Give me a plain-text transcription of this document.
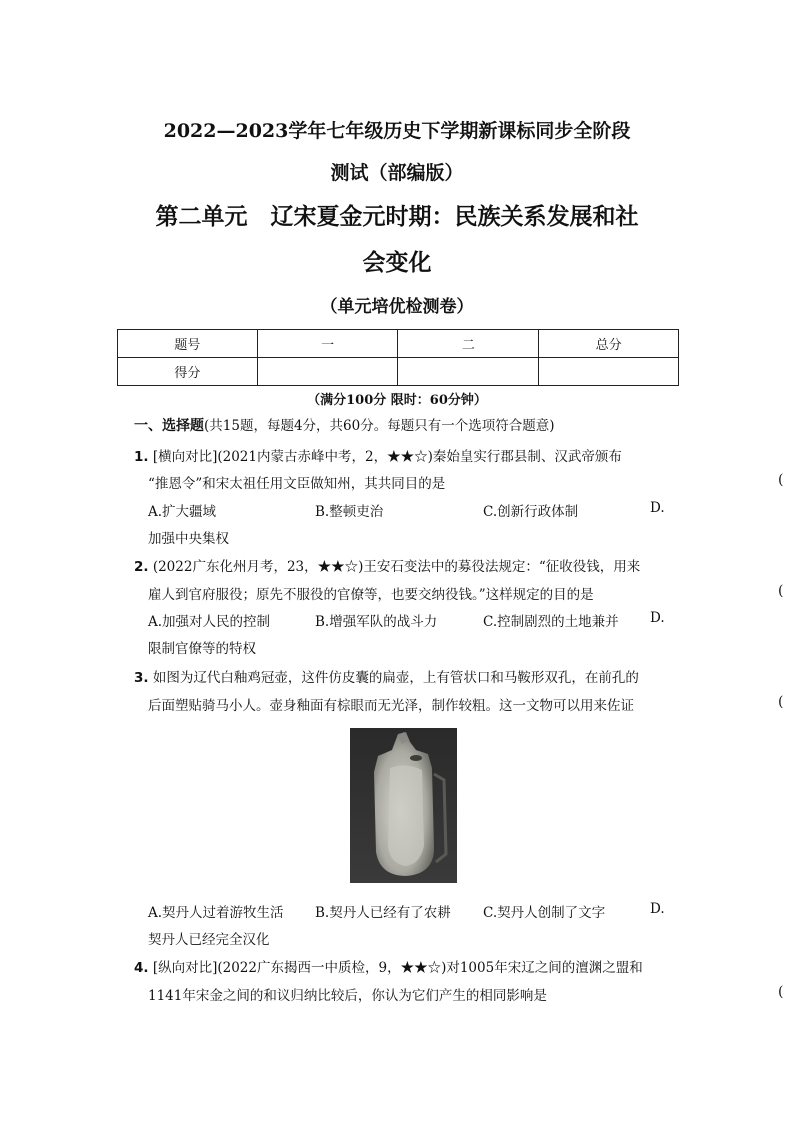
2022—2023学年七年级历史下学期新课标同步全阶段
测试（部编版）
第二单元　辽宋夏金元时期：民族关系发展和社
会变化
（单元培优检测卷）
题号	一	二	总分
得分			
（满分100分 限时：60分钟）
一、选择题(共15题，每题4分，共60分。每题只有一个选项符合题意)
1. [横向对比](2021内蒙古赤峰中考，2，★★☆)秦始皇实行郡县制、汉武帝颁布
“推恩令”和宋太祖任用文臣做知州，其共同目的是	(
A.扩大疆域	B.整顿吏治	C.创新行政体制	D.
加强中央集权
2. (2022广东化州月考，23，★★☆)王安石变法中的募役法规定：“征收役钱，用来
雇人到官府服役；原先不服役的官僚等，也要交纳役钱。”这样规定的目的是	(
A.加强对人民的控制	B.增强军队的战斗力	C.控制剧烈的土地兼并 D.
限制官僚等的特权
3. 如图为辽代白釉鸡冠壶，这件仿皮囊的扁壶，上有管状口和马鞍形双孔，在前孔的
后面塑贴骑马小人。壶身釉面有棕眼而无光泽，制作较粗。这一文物可以用来佐证	(
A.契丹人过着游牧生活 B.契丹人已经有了农耕 C.契丹人创制了文字	D.
契丹人已经完全汉化
4. [纵向对比](2022广东揭西一中质检，9，★★☆)对1005年宋辽之间的澶渊之盟和
1141年宋金之间的和议归纳比较后，你认为它们产生的相同影响是	(
